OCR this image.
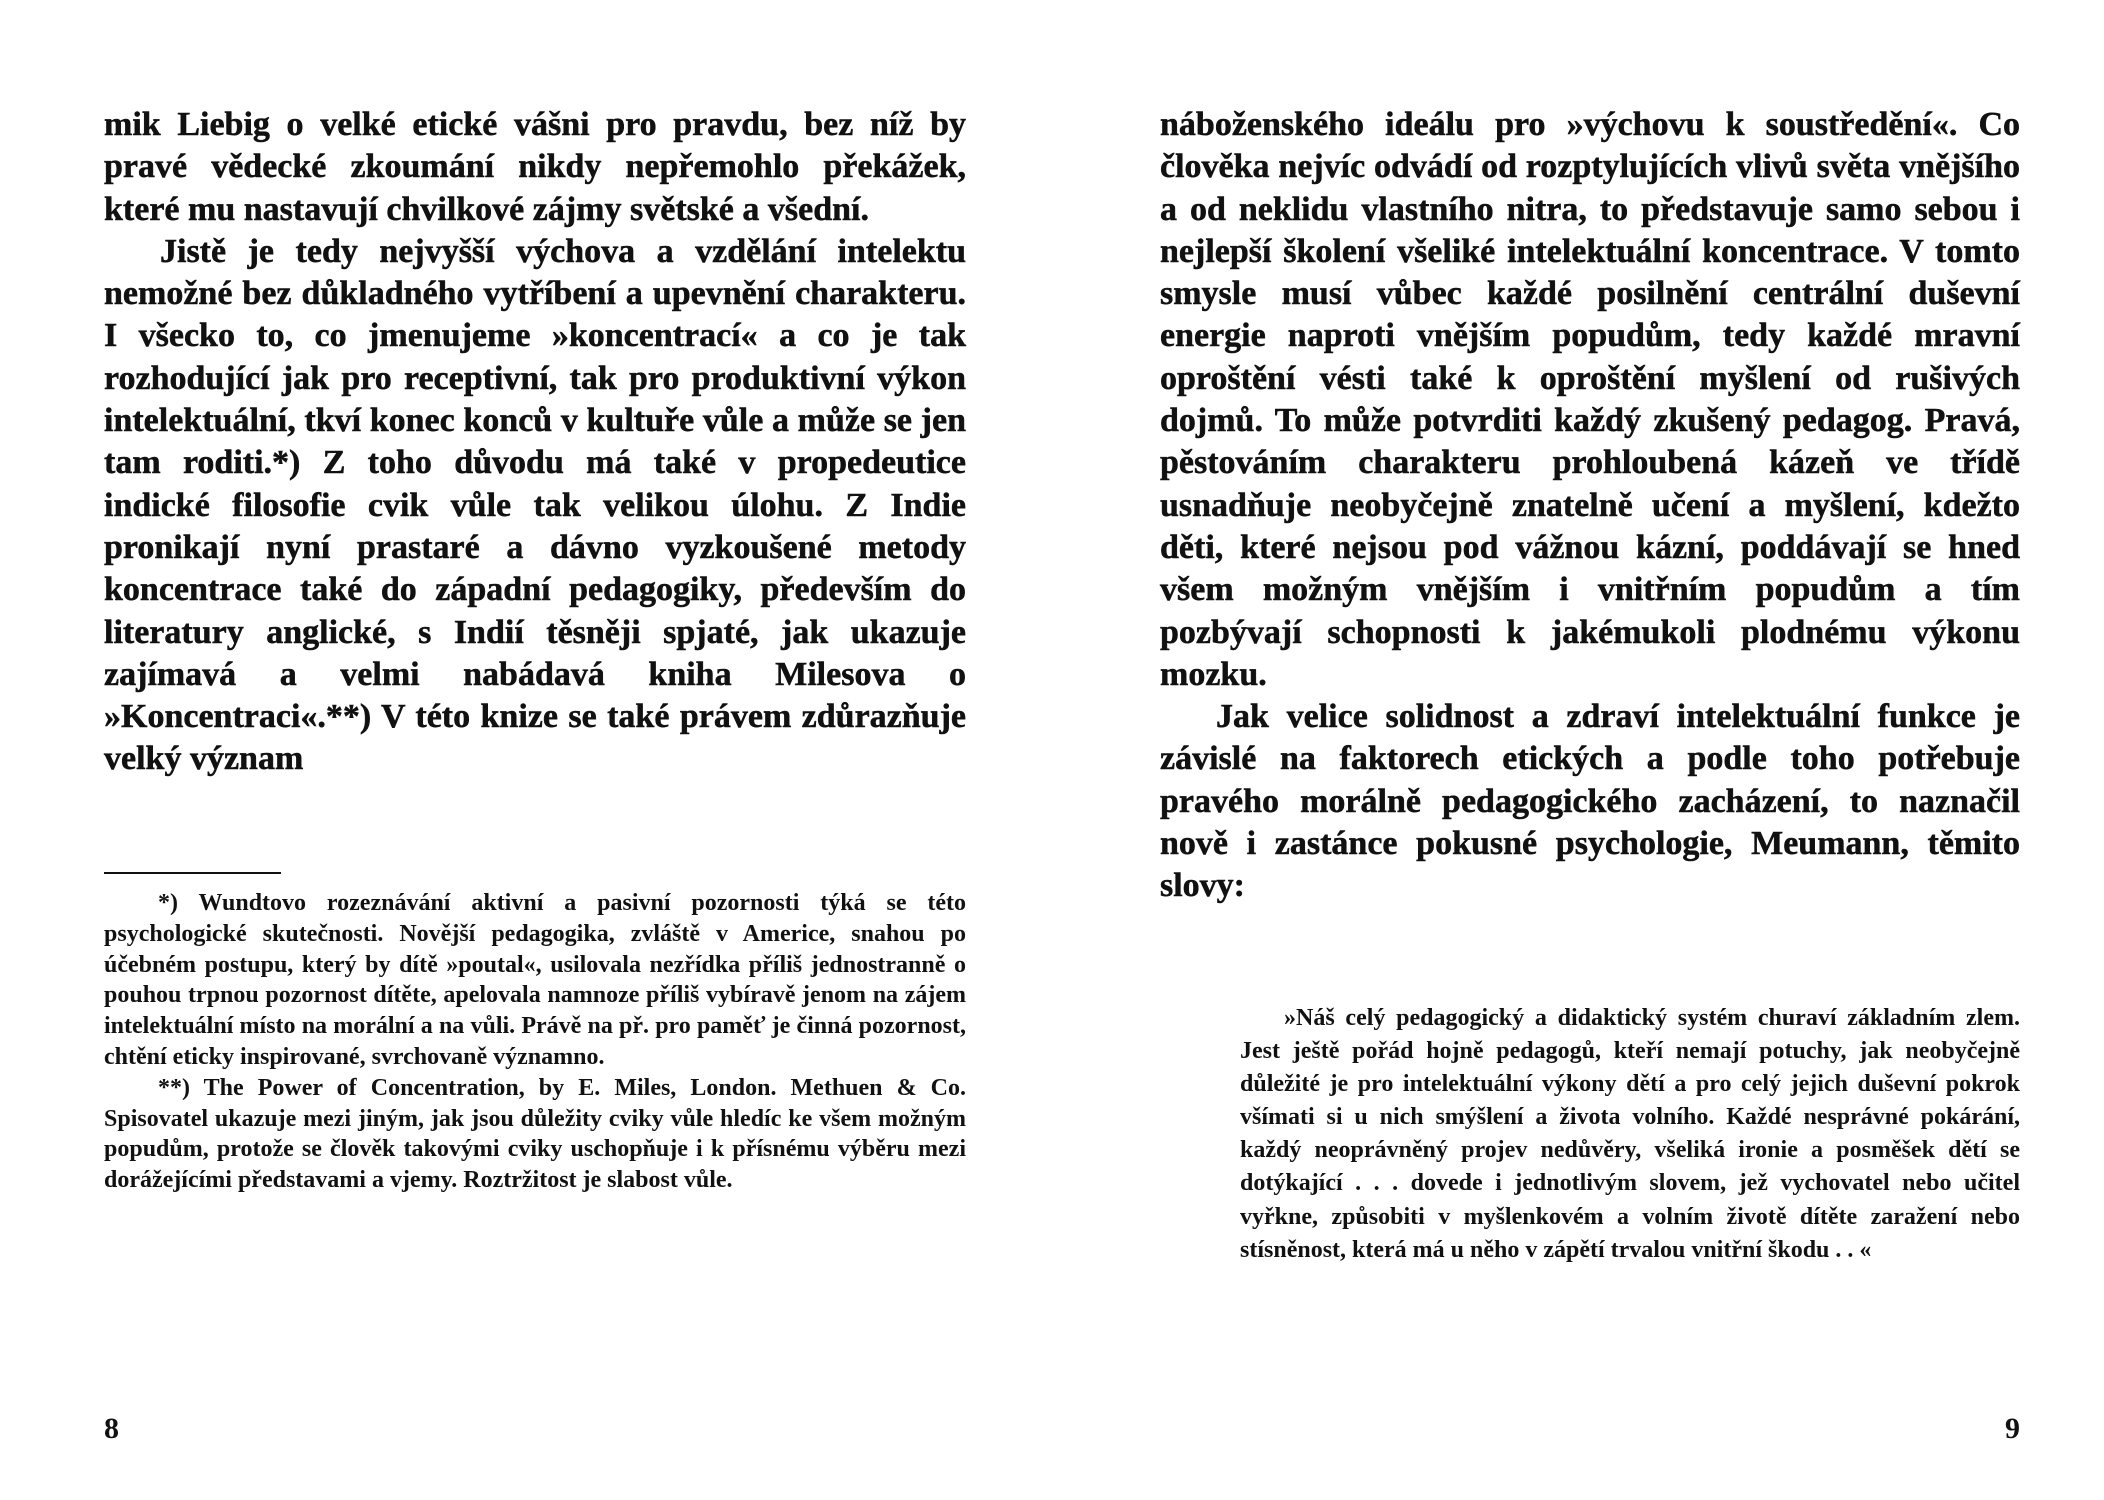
mik Liebig o velké etické vášni pro pravdu, bez níž by pravé vědecké zkoumání nikdy nepřemohlo překážek, které mu nastavují chvilkové zájmy světské a všední.

Jistě je tedy nejvyšší výchova a vzdělání intelektu nemožné bez důkladného vytříbení a upevnění charakteru. I všecko to, co jmenujeme »koncentrací« a co je tak rozhodující jak pro receptivní, tak pro produktivní výkon intelektuální, tkví konec konců v kultuře vůle a může se jen tam roditi.*) Z toho důvodu má také v propedeutice indické filosofie cvik vůle tak velikou úlohu. Z Indie pronikají nyní prastaré a dávno vyzkoušené metody koncentrace také do západní pedagogiky, především do literatury anglické, s Indií těsněji spjaté, jak ukazuje zajímavá a velmi nabádavá kniha Milesova o »Koncentraci«.**) V této knize se také právem zdůrazňuje velký význam

*) Wundtovo rozeznávání aktivní a pasivní pozornosti týká se této psychologické skutečnosti. Novější pedagogika, zvláště v Americe, snahou po účebném postupu, který by dítě »poutal«, usilovala nezřídka příliš jednostranně o pouhou trpnou pozornost dítěte, apelovala namnoze příliš vybíravě jenom na zájem intelektuální místo na morální a na vůli. Právě na př. pro paměť je činná pozornost, chtění eticky inspirované, svrchovaně významno.

**) The Power of Concentration, by E. Miles, London. Methuen & Co. Spisovatel ukazuje mezi jiným, jak jsou důležity cviky vůle hledíc ke všem možným popudům, protože se člověk takovými cviky uschopňuje i k přísnému výběru mezi dorážejícími představami a vjemy. Roztržitost je slabost vůle.

8

náboženského ideálu pro »výchovu k soustředění«. Co člověka nejvíc odvádí od rozptylujících vlivů světa vnějšího a od neklidu vlastního nitra, to představuje samo sebou i nejlepší školení všeliké intelektuální koncentrace. V tomto smysle musí vůbec každé posilnění centrální duševní energie naproti vnějším popudům, tedy každé mravní oproštění vésti také k oproštění myšlení od rušivých dojmů. To může potvrditi každý zkušený pedagog. Pravá, pěstováním charakteru prohloubená kázeň ve třídě usnadňuje neobyčejně znatelně učení a myšlení, kdežto děti, které nejsou pod vážnou kázní, poddávají se hned všem možným vnějším i vnitřním popudům a tím pozbývají schopnosti k jakémukoli plodnému výkonu mozku.

Jak velice solidnost a zdraví intelektuální funkce je závislé na faktorech etických a podle toho potřebuje pravého morálně pedagogického zacházení, to naznačil nově i zastánce pokusné psychologie, Meumann, těmito slovy:

»Náš celý pedagogický a didaktický systém churaví základním zlem. Jest ještě pořád hojně pedagogů, kteří nemají potuchy, jak neobyčejně důležité je pro intelektuální výkony dětí a pro celý jejich duševní pokrok všímati si u nich smýšlení a života volního. Každé nesprávné pokárání, každý neoprávněný projev nedůvěry, všeliká ironie a posměšek dětí se dotýkající . . . dovede i jednotlivým slovem, jež vychovatel nebo učitel vyřkne, způsobiti v myšlenkovém a volním životě dítěte zaražení nebo stísněnost, která má u něho v zápětí trvalou vnitřní škodu . . «

9
